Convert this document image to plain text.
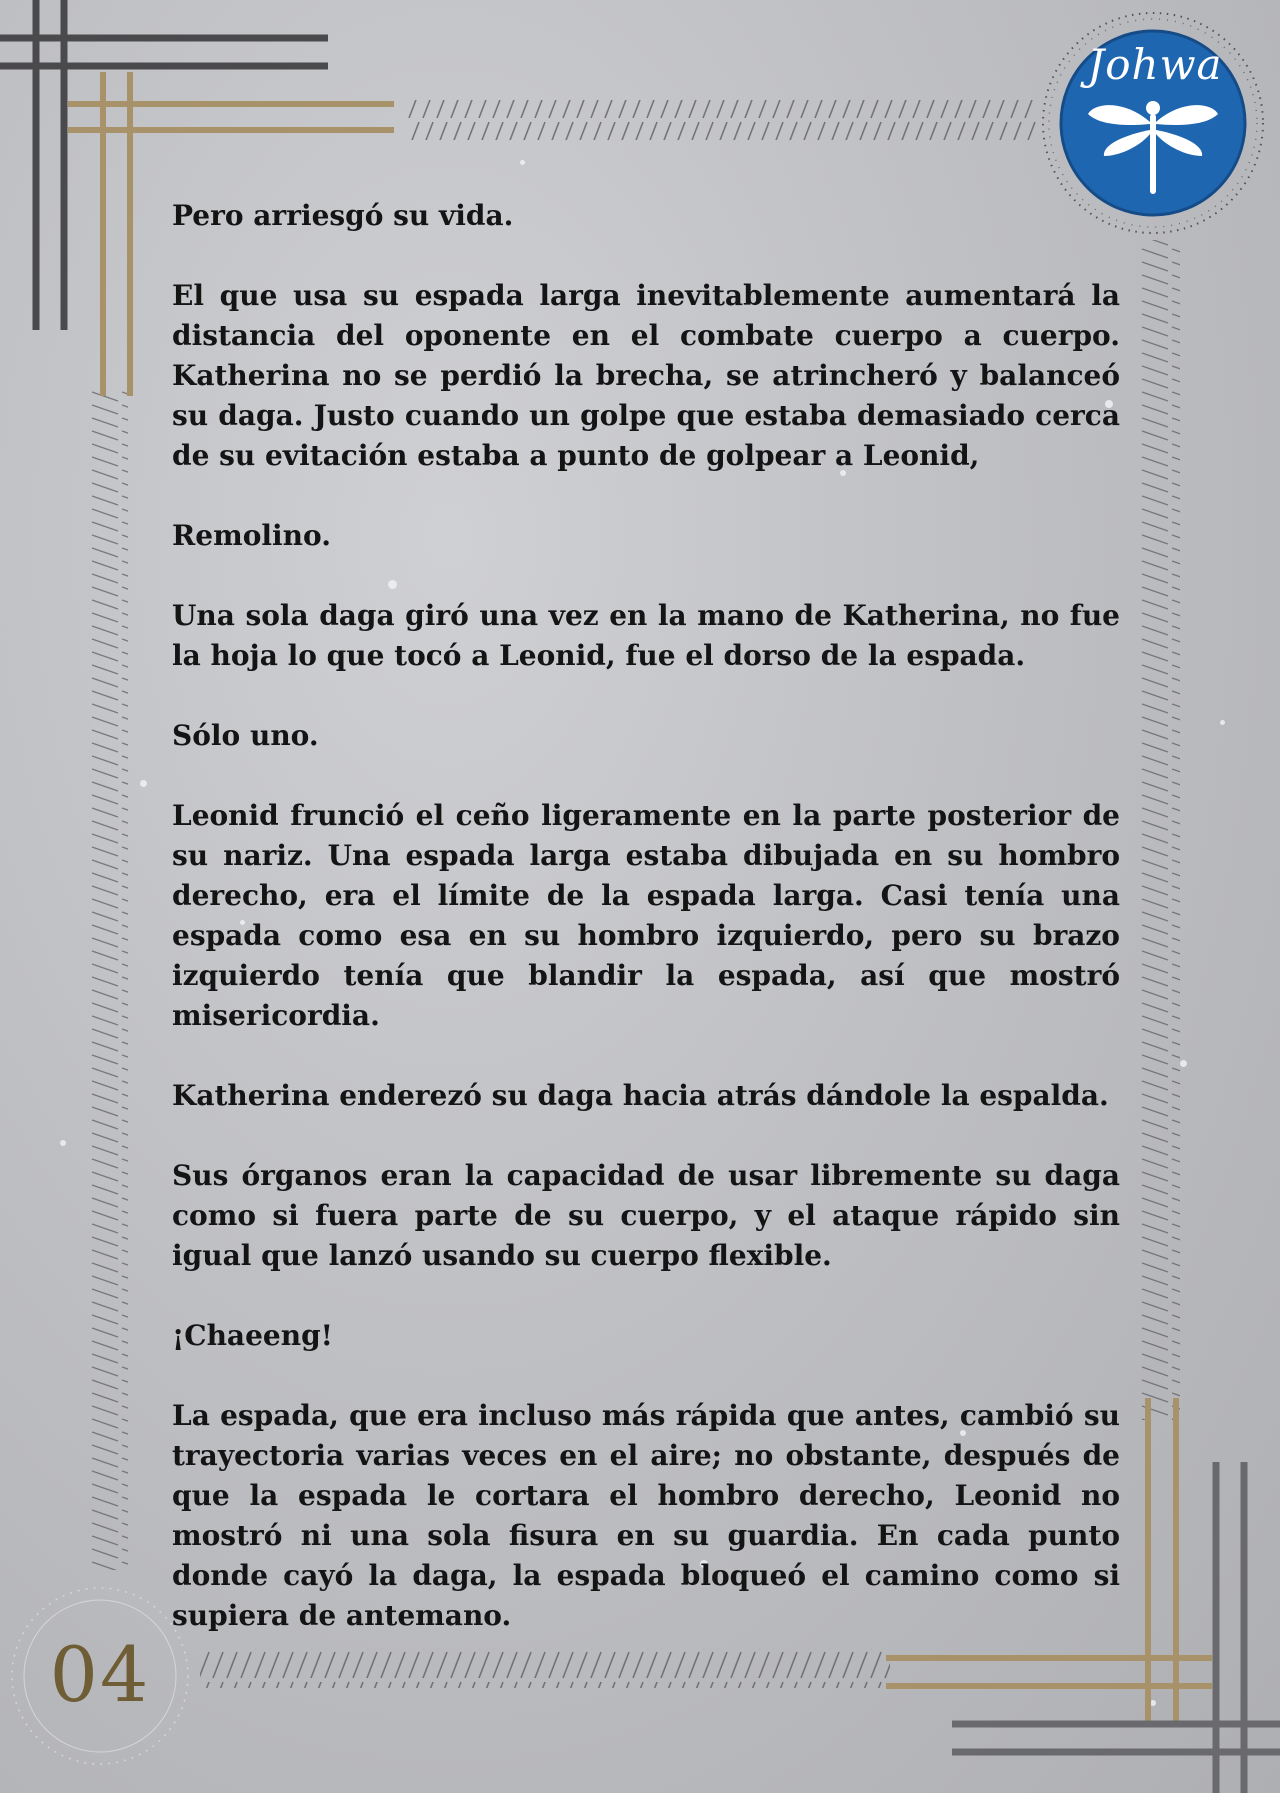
Johwa
04

Pero arriesgó su vida.

El que usa su espada larga inevitablemente aumentará la distancia del oponente en el combate cuerpo a cuerpo. Katherina no se perdió la brecha, se atrincheró y balanceó su daga. Justo cuando un golpe que estaba demasiado cerca de su evitación estaba a punto de golpear a Leonid,

Remolino.

Una sola daga giró una vez en la mano de Katherina, no fue la hoja lo que tocó a Leonid, fue el dorso de la espada.

Sólo uno.

Leonid frunció el ceño ligeramente en la parte posterior de su nariz. Una espada larga estaba dibujada en su hombro derecho, era el límite de la espada larga. Casi tenía una espada como esa en su hombro izquierdo, pero su brazo izquierdo tenía que blandir la espada, así que mostró misericordia.

Katherina enderezó su daga hacia atrás dándole la espalda.

Sus órganos eran la capacidad de usar libremente su daga como si fuera parte de su cuerpo, y el ataque rápido sin igual que lanzó usando su cuerpo flexible.

¡Chaeeng!

La espada, que era incluso más rápida que antes, cambió su trayectoria varias veces en el aire; no obstante, después de que la espada le cortara el hombro derecho, Leonid no mostró ni una sola fisura en su guardia. En cada punto donde cayó la daga, la espada bloqueó el camino como si supiera de antemano.
